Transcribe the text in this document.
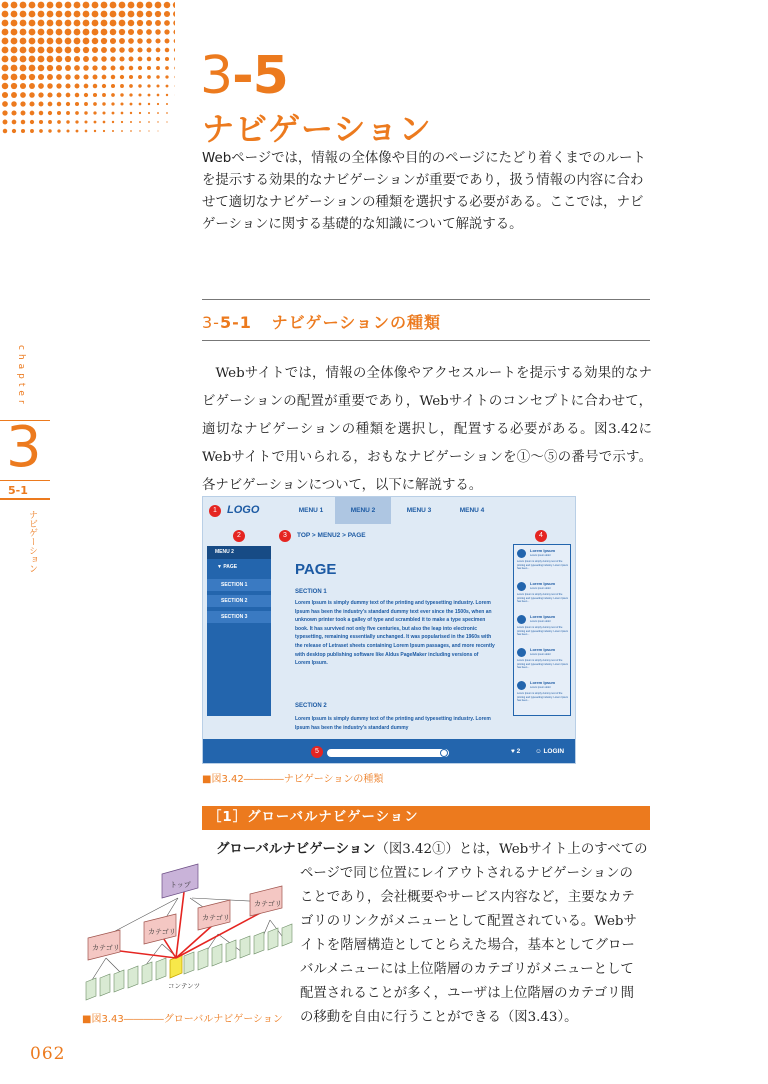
3-5
ナビゲーション
Webページでは，情報の全体像や目的のページにたどり着くまでのルートを提示する効果的なナビゲーションが重要であり，扱う情報の内容に合わせて適切なナビゲーションの種類を選択する必要がある。ここでは，ナビゲーションに関する基礎的な知識について解説する。
3-5-1 ナビゲーションの種類
Webサイトでは，情報の全体像やアクセスルートを提示する効果的なナビゲーションの配置が重要であり，Webサイトのコンセプトに合わせて，適切なナビゲーションの種類を選択し，配置する必要がある。図3.42にWebサイトで用いられる，おもなナビゲーションを①〜⑤の番号で示す。各ナビゲーションについて，以下に解説する。
chapter
3
5-1
ナビゲーション	LOGO	MENU 1	MENU 2	MENU 3	MENU 4
TOP > MENU2 > PAGE
MENU 2
▼ PAGE
SECTION 1
SECTION 2
SECTION 3
PAGE
SECTION 1
Lorem Ipsum is simply dummy text of the printing and typesetting industry. Lorem Ipsum has been the industry's standard dummy text ever since the 1500s, when an unknown printer took a galley of type and scrambled it to make a type specimen book. It has survived not only five centuries, but also the leap into electronic typesetting, remaining essentially unchanged. It was popularised in the 1960s with the release of Letraset sheets containing Lorem Ipsum passages, and more recently with desktop publishing software like Aldus PageMaker including versions of Lorem Ipsum.
SECTION 2
Lorem Ipsum is simply dummy text of the printing and typesetting industry. Lorem Ipsum has been the industry's standard dummy
Lorem Ipsum
Lorem ipsum dolor
Lorem Ipsum is simply dummy text of the printing and typesetting industry. Lorem Ipsum has been...
Lorem Ipsum
Lorem ipsum dolor
Lorem Ipsum is simply dummy text of the printing and typesetting industry. Lorem Ipsum has been...
Lorem Ipsum
Lorem ipsum dolor
Lorem Ipsum is simply dummy text of the printing and typesetting industry. Lorem Ipsum has been...
Lorem Ipsum
Lorem ipsum dolor
Lorem Ipsum is simply dummy text of the printing and typesetting industry. Lorem Ipsum has been...
Lorem Ipsum
Lorem ipsum dolor
Lorem Ipsum is simply dummy text of the printing and typesetting industry. Lorem Ipsum has been...
♥ 2 ☺ LOGIN
1
2	3	4
5
■図3.42――――ナビゲーションの種類
［1］グローバルナビゲーション
グローバルナビゲーション（図3.42①）とは，Webサイト上のすべての
ページで同じ位置にレイアウトされるナビゲーションの
ことであり，会社概要やサービス内容など，主要なカテ
ゴリのリンクがメニューとして配置されている。Webサ
イトを階層構造としてとらえた場合，基本としてグロー
バルメニューには上位階層のカテゴリがメニューとして
配置されることが多く，ユーザは上位階層のカテゴリ間
の移動を自由に行うことができる（図3.43）。
トップ
カテゴリ
カテゴリ
カテゴリ
カテゴリ
コンテンツ
■図3.43――――グローバルナビゲーション
062
